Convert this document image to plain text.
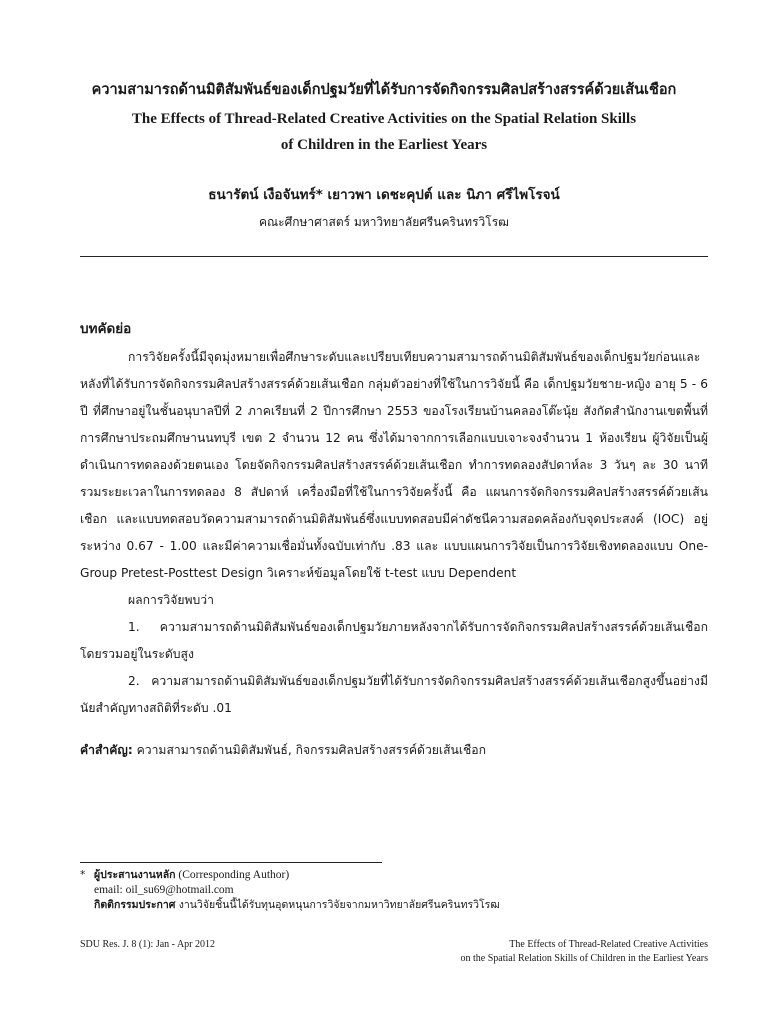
ความสามารถด้านมิติสัมพันธ์ของเด็กปฐมวัยที่ได้รับการจัดกิจกรรมศิลปสร้างสรรค์ด้วยเส้นเชือก
The Effects of Thread-Related Creative Activities on the Spatial Relation Skills
of Children in the Earliest Years
ธนารัตน์ เงือจันทร์* เยาวพา เดชะคุปต์ และ นิภา ศรีไพโรจน์
คณะศึกษาศาสตร์ มหาวิทยาลัยศรีนครินทรวิโรฒ
บทคัดย่อ

การวิจัยครั้งนี้มีจุดมุ่งหมายเพื่อศึกษาระดับและเปรียบเทียบความสามารถด้านมิติสัมพันธ์ของเด็กปฐมวัยก่อนและหลังที่ได้รับการจัดกิจกรรมศิลปสร้างสรรค์ด้วยเส้นเชือก กลุ่มตัวอย่างที่ใช้ในการวิจัยนี้ คือ เด็กปฐมวัยชาย-หญิง อายุ 5 - 6 ปี ที่ศึกษาอยู่ในชั้นอนุบาลปีที่ 2 ภาคเรียนที่ 2 ปีการศึกษา 2553 ของโรงเรียนบ้านคลองโต๊ะนุ้ย สังกัดสำนักงานเขตพื้นที่การศึกษาประถมศึกษานนทบุรี เขต 2 จำนวน 12 คน ซึ่งได้มาจากการเลือกแบบเจาะจงจำนวน 1 ห้องเรียน ผู้วิจัยเป็นผู้ดำเนินการทดลองด้วยตนเอง โดยจัดกิจกรรมศิลปสร้างสรรค์ด้วยเส้นเชือก ทำการทดลองสัปดาห์ละ 3 วันๆ ละ 30 นาที รวมระยะเวลาในการทดลอง 8 สัปดาห์ เครื่องมือที่ใช้ในการวิจัยครั้งนี้ คือ แผนการจัดกิจกรรมศิลปสร้างสรรค์ด้วยเส้นเชือก และแบบทดสอบวัดความสามารถด้านมิติสัมพันธ์ซึ่งแบบทดสอบมีค่าดัชนีความสอดคล้องกับจุดประสงค์ (IOC) อยู่ระหว่าง 0.67 - 1.00 และมีค่าความเชื่อมั่นทั้งฉบับเท่ากับ .83 และ แบบแผนการวิจัยเป็นการวิจัยเชิงทดลองแบบ One-Group Pretest-Posttest Design วิเคราะห์ข้อมูลโดยใช้ t-test แบบ Dependent

ผลการวิจัยพบว่า

1. ความสามารถด้านมิติสัมพันธ์ของเด็กปฐมวัยภายหลังจากได้รับการจัดกิจกรรมศิลปสร้างสรรค์ด้วยเส้นเชือกโดยรวมอยู่ในระดับสูง

2. ความสามารถด้านมิติสัมพันธ์ของเด็กปฐมวัยที่ได้รับการจัดกิจกรรมศิลปสร้างสรรค์ด้วยเส้นเชือกสูงขึ้นอย่างมีนัยสำคัญทางสถิติที่ระดับ .01

คำสำคัญ: ความสามารถด้านมิติสัมพันธ์, กิจกรรมศิลปสร้างสรรค์ด้วยเส้นเชือก
* ผู้ประสานงานหลัก (Corresponding Author)
email: oil_su69@hotmail.com
กิตติกรรมประกาศ งานวิจัยชิ้นนี้ได้รับทุนอุดหนุนการวิจัยจากมหาวิทยาลัยศรีนครินทรวิโรฒ
SDU Res. J. 8 (1): Jan - Apr 2012	The Effects of Thread-Related Creative Activities
on the Spatial Relation Skills of Children in the Earliest Years
